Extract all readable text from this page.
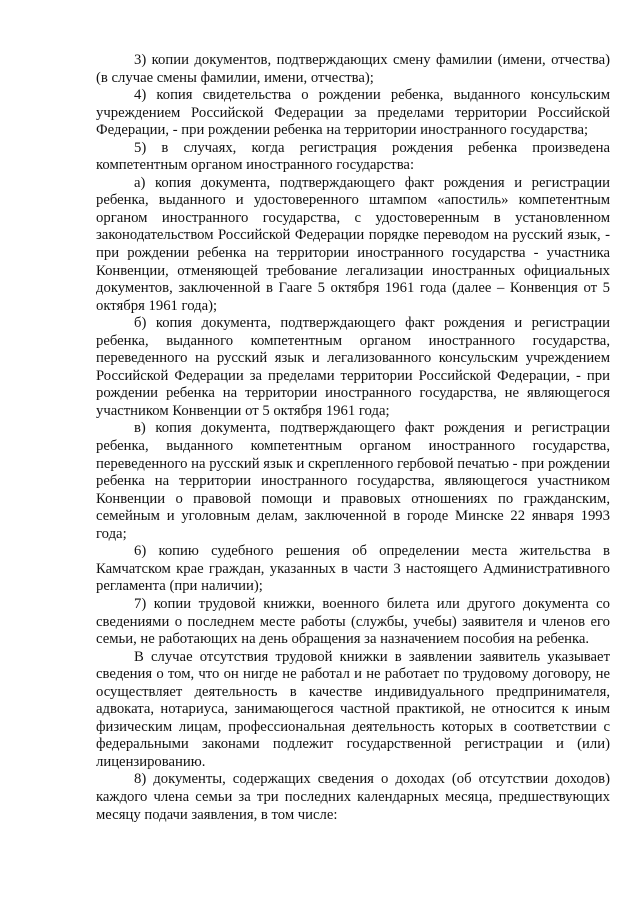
3) копии документов, подтверждающих смену фамилии (имени, отчества) (в случае смены фамилии, имени, отчества);

4) копия свидетельства о рождении ребенка, выданного консульским учреждением Российской Федерации за пределами территории Российской Федерации, - при рождении ребенка на территории иностранного государства;

5) в случаях, когда регистрация рождения ребенка произведена компетентным органом иностранного государства:

а) копия документа, подтверждающего факт рождения и регистрации ребенка, выданного и удостоверенного штампом «апостиль» компетентным органом иностранного государства, с удостоверенным в установленном законодательством Российской Федерации порядке переводом на русский язык, - при рождении ребенка на территории иностранного государства - участника Конвенции, отменяющей требование легализации иностранных официальных документов, заключенной в Гааге 5 октября 1961 года (далее – Конвенция от 5 октября 1961 года);

б) копия документа, подтверждающего факт рождения и регистрации ребенка, выданного компетентным органом иностранного государства, переведенного на русский язык и легализованного консульским учреждением Российской Федерации за пределами территории Российской Федерации, - при рождении ребенка на территории иностранного государства, не являющегося участником Конвенции от 5 октября 1961 года;

в) копия документа, подтверждающего факт рождения и регистрации ребенка, выданного компетентным органом иностранного государства, переведенного на русский язык и скрепленного гербовой печатью - при рождении ребенка на территории иностранного государства, являющегося участником Конвенции о правовой помощи и правовых отношениях по гражданским, семейным и уголовным делам, заключенной в городе Минске 22 января 1993 года;

6) копию судебного решения об определении места жительства в Камчатском крае граждан, указанных в части 3 настоящего Административного регламента (при наличии);

7) копии трудовой книжки, военного билета или другого документа со сведениями о последнем месте работы (службы, учебы) заявителя и членов его семьи, не работающих на день обращения за назначением пособия на ребенка.

В случае отсутствия трудовой книжки в заявлении заявитель указывает сведения о том, что он нигде не работал и не работает по трудовому договору, не осуществляет деятельность в качестве индивидуального предпринимателя, адвоката, нотариуса, занимающегося частной практикой, не относится к иным физическим лицам, профессиональная деятельность которых в соответствии с федеральными законами подлежит государственной регистрации и (или) лицензированию.

8) документы, содержащих сведения о доходах (об отсутствии доходов) каждого члена семьи за три последних календарных месяца, предшествующих месяцу подачи заявления, в том числе:
